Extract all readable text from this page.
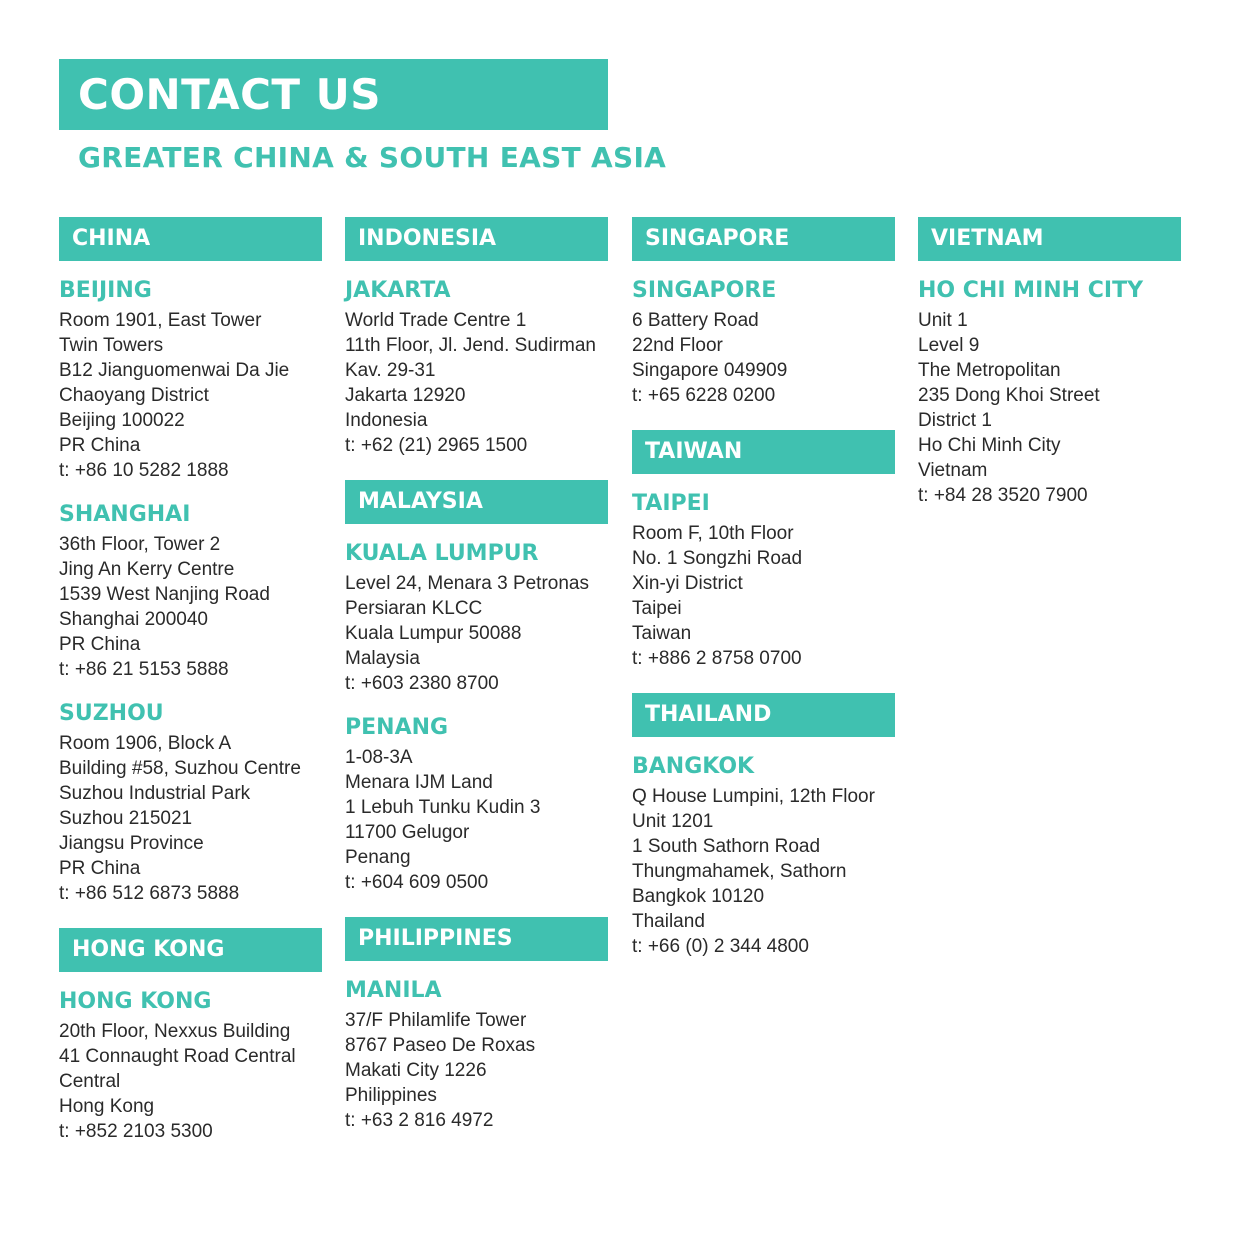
CONTACT US
GREATER CHINA & SOUTH EAST ASIA
CHINA
BEIJING
Room 1901, East Tower
Twin Towers
B12 Jianguomenwai Da Jie
Chaoyang District
Beijing 100022
PR China
t: +86 10 5282 1888
SHANGHAI
36th Floor, Tower 2
Jing An Kerry Centre
1539 West Nanjing Road
Shanghai 200040
PR China
t: +86 21 5153 5888
SUZHOU
Room 1906, Block A
Building #58, Suzhou Centre
Suzhou Industrial Park
Suzhou 215021
Jiangsu Province
PR China
t: +86 512 6873 5888
HONG KONG
HONG KONG
20th Floor, Nexxus Building
41 Connaught Road Central
Central
Hong Kong
t: +852 2103 5300
INDONESIA
JAKARTA
World Trade Centre 1
11th Floor, Jl. Jend. Sudirman
Kav. 29-31
Jakarta 12920
Indonesia
t: +62 (21) 2965 1500
MALAYSIA
KUALA LUMPUR
Level 24, Menara 3 Petronas
Persiaran KLCC
Kuala Lumpur 50088
Malaysia
t: +603 2380 8700
PENANG
1-08-3A
Menara IJM Land
1 Lebuh Tunku Kudin 3
11700 Gelugor
Penang
t: +604 609 0500
PHILIPPINES
MANILA
37/F Philamlife Tower
8767 Paseo De Roxas
Makati City 1226
Philippines
t: +63 2 816 4972
SINGAPORE
SINGAPORE
6 Battery Road
22nd Floor
Singapore 049909
t: +65 6228 0200
TAIWAN
TAIPEI
Room F, 10th Floor
No. 1 Songzhi Road
Xin-yi District
Taipei
Taiwan
t: +886 2 8758 0700
THAILAND
BANGKOK
Q House Lumpini, 12th Floor
Unit 1201
1 South Sathorn Road
Thungmahamek, Sathorn
Bangkok 10120
Thailand
t: +66 (0) 2 344 4800
VIETNAM
HO CHI MINH CITY
Unit 1
Level 9
The Metropolitan
235 Dong Khoi Street
District 1
Ho Chi Minh City
Vietnam
t: +84 28 3520 7900
